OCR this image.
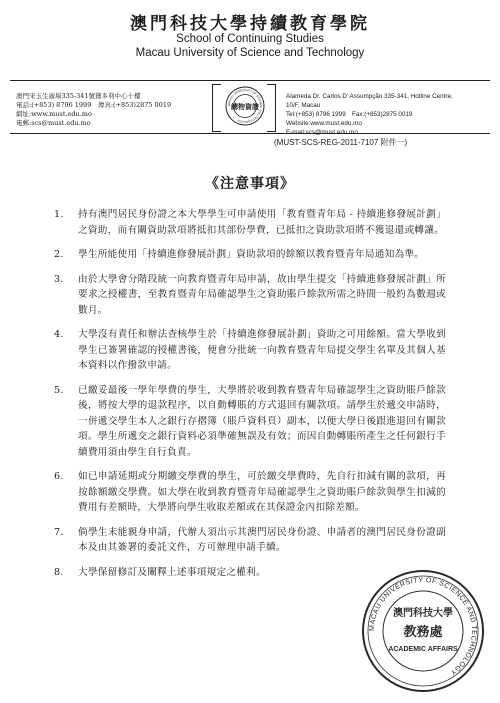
澳門科技大學持續教育學院
School of Continuing Studies
Macau University of Science and Technology
澳門宋玉生廣場335-341號獲多利中心十樓
電話:(+853) 8796 1999　傳真:(+853)2875 0019
網址:www.must.edu.mo
電郵:scs@must.edu.mo
MACAU UNIVERSITY OF SCIENCE AND TECHNOLOGY
總物資證
Alameda Dr. Carlos D' Assumpção 335-341, Hotline Centre,
10/F, Macau
Tel:(+853) 8796 1999　Fax:(+853)2875 0019
Website:www.must.edu.mo
E-mail:scs@must.edu.mo
(MUST-SCS-REG-2011-7107 附件一)
《注意事項》
1. 持有澳門居民身份證之本大學學生可申請使用「教育暨青年局 - 持續進修發展計劃」之資助，而有關資助款項將抵扣其部份學費，已抵扣之資助款項將不獲退還或轉讓。
2. 學生所能使用「持續進修發展計劃」資助款項的餘額以教育暨青年局通知為準。
3. 由於大學會分階段統一向教育暨青年局申請，故由學生提交「持續進修發展計劃」所要求之授權書，至教育暨青年局確認學生之資助賬戶餘款所需之時間一般約為數週或數月。
4. 大學沒有責任和辦法查核學生於「持續進修發展計劃」資助之可用餘額。當大學收到學生已簽署確認的授權書後，便會分批統一向教育暨青年局提交學生名單及其個人基本資料以作撥款申請。
5. 已繳妥最後一學年學費的學生，大學將於收到教育暨青年局確認學生之資助賬戶餘款後，將按大學的退款程序，以自動轉賬的方式退回有關款項。請學生於遞交申請時，一併遞交學生本人之銀行存摺簿（賬戶資料頁）副本，以便大學日後跟進退回有關款項。學生所遞交之銀行資料必須準確無誤及有效；而因自動轉賬所產生之任何銀行手續費用須由學生自行負責。
6. 如已申請延期或分期繳交學費的學生，可於繳交學費時，先自行扣減有關的款項，再按餘額繳交學費。如大學在收到教育暨青年局確認學生之資助賬戶餘款與學生扣減的費用有差額時，大學將向學生收取差額或在其保證金內扣除差額。
7. 倘學生未能親身申請，代辦人須出示其澳門居民身份證、申請者的澳門居民身份證副本及由其簽署的委託文件，方可辦理申請手續。
8. 大學保留修訂及闡釋上述事項規定之權利。
MACAU UNIVERSITY OF SCIENCE AND TECHNOLOGY
澳門科技大學
教務處
ACADEMIC AFFAIRS
